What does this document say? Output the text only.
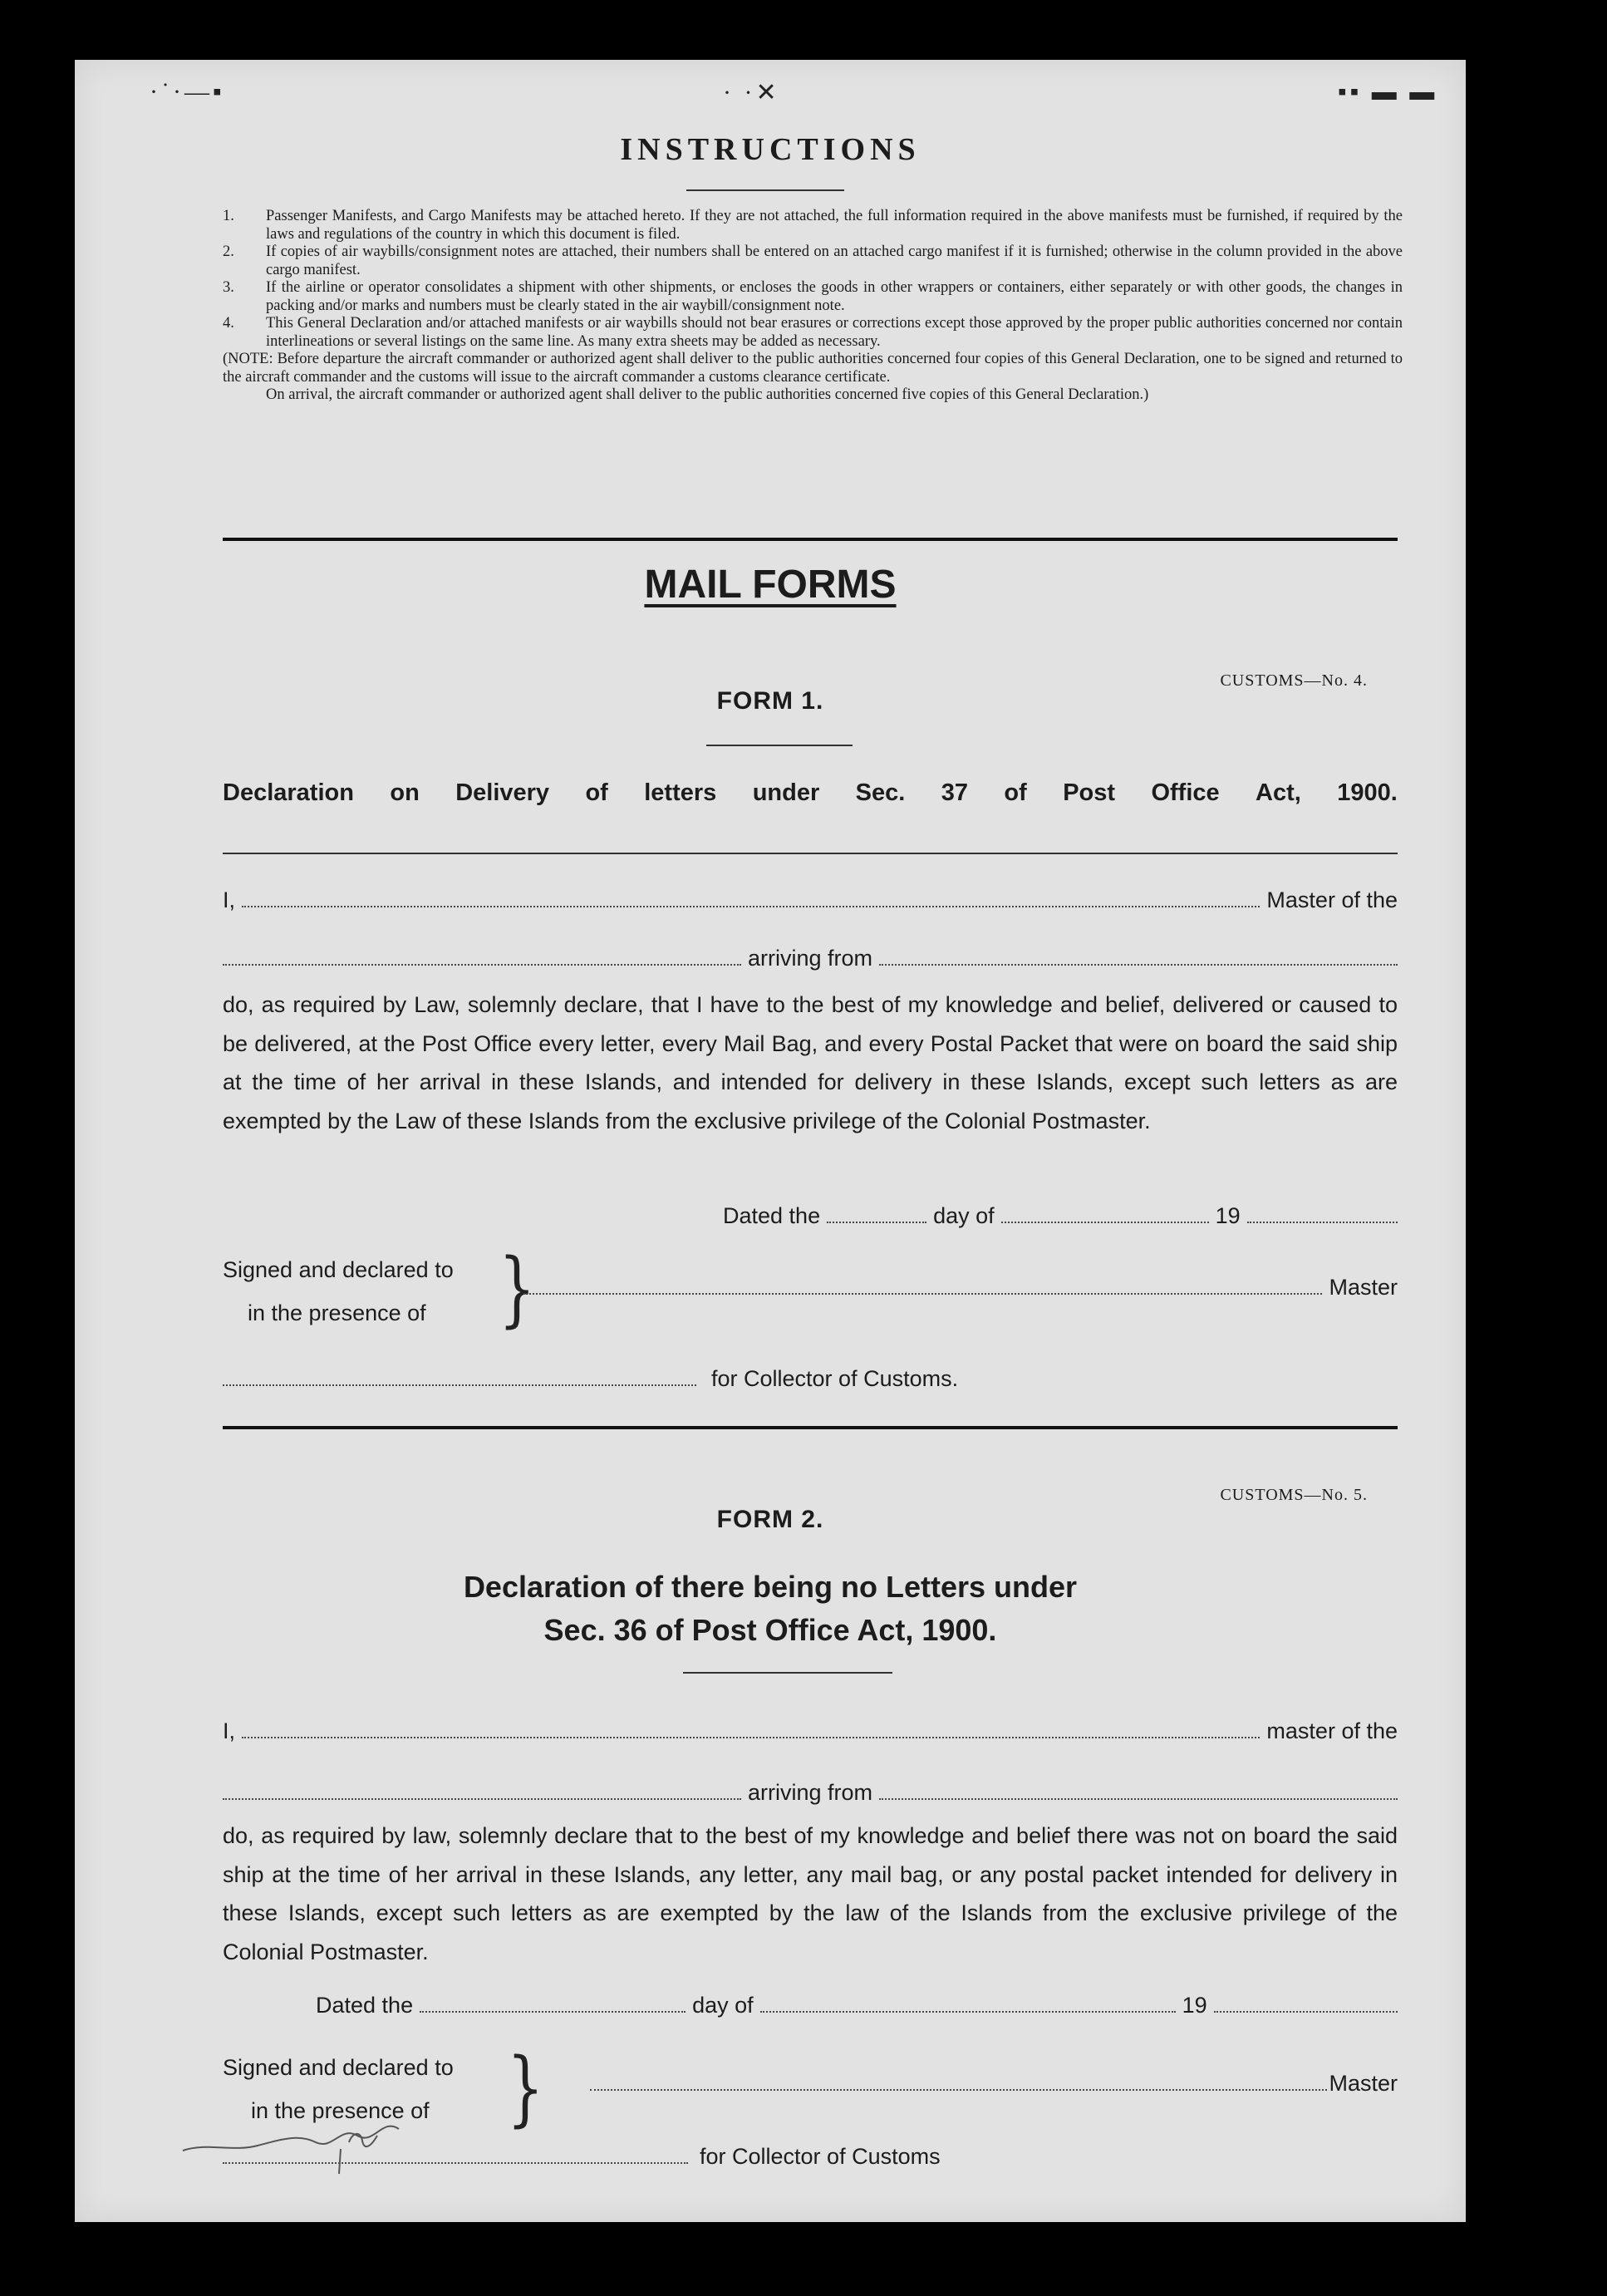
·˙·—▪	· ·✕	▪▪ ▬ ▬
INSTRUCTIONS
1.	Passenger Manifests, and Cargo Manifests may be attached hereto. If they are not attached, the full information required in the above manifests must be furnished, if required by the laws and regulations of the country in which this document is filed.
2.	If copies of air waybills/consignment notes are attached, their numbers shall be entered on an attached cargo manifest if it is furnished; otherwise in the column provided in the above cargo manifest.
3.	If the airline or operator consolidates a shipment with other shipments, or encloses the goods in other wrappers or containers, either separately or with other goods, the changes in packing and/or marks and numbers must be clearly stated in the air waybill/consignment note.
4.	This General Declaration and/or attached manifests or air waybills should not bear erasures or corrections except those approved by the proper public authorities concerned nor contain interlineations or several listings on the same line. As many extra sheets may be added as necessary.
(NOTE: Before departure the aircraft commander or authorized agent shall deliver to the public authorities concerned four copies of this General Declaration, one to be signed and returned to the aircraft commander and the customs will issue to the aircraft commander a customs clearance certificate.
On arrival, the aircraft commander or authorized agent shall deliver to the public authorities concerned five copies of this General Declaration.)
MAIL FORMS
CUSTOMS—No. 4.
FORM 1.
Declaration on Delivery of letters under Sec. 37 of Post Office Act, 1900.
I,	Master of the
arriving from
do, as required by Law, solemnly declare, that I have to the best of my knowledge and belief, delivered or caused to be delivered, at the Post Office every letter, every Mail Bag, and every Postal Packet that were on board the said ship at the time of her arrival in these Islands, and intended for delivery in these Islands, except such letters as are exempted by the Law of these Islands from the exclusive privilege of the Colonial Postmaster.
Dated the	day of	19
Signed and declared to
in the presence of	}	Master
for Collector of Customs.
CUSTOMS—No. 5.
FORM 2.
Declaration of there being no Letters under
Sec. 36 of Post Office Act, 1900.
I,	master of the
arriving from
do, as required by law, solemnly declare that to the best of my knowledge and belief there was not on board the said ship at the time of her arrival in these Islands, any letter, any mail bag, or any postal packet intended for delivery in these Islands, except such letters as are exempted by the law of the Islands from the exclusive privilege of the Colonial Postmaster.
Dated the	day of	19
Signed and declared to
in the presence of	}	Master
for Collector of Customs
